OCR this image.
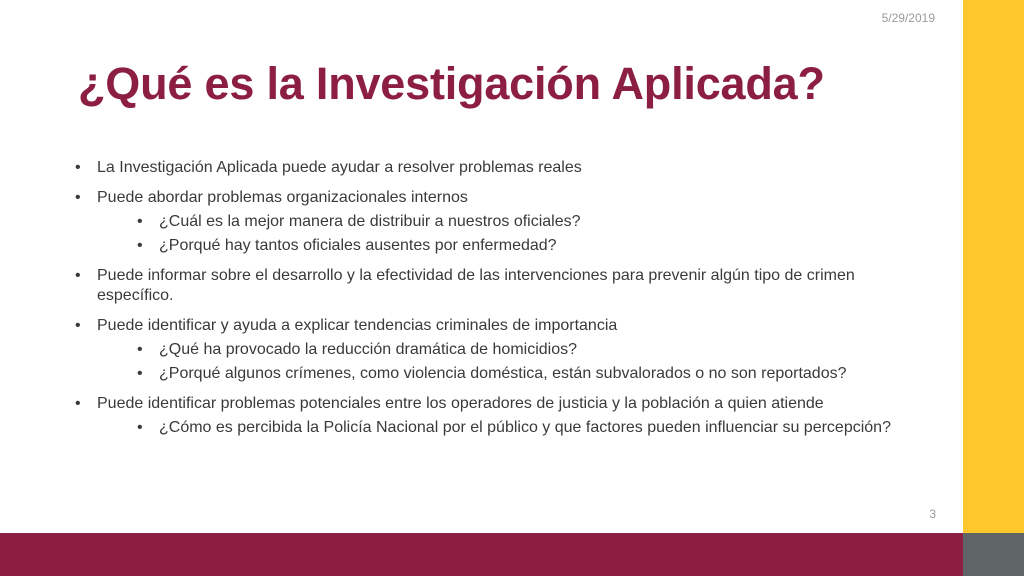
5/29/2019
¿Qué es la Investigación Aplicada?
• La Investigación Aplicada puede ayudar a resolver problemas reales
• Puede abordar problemas organizacionales internos
• ¿Cuál es la mejor manera de distribuir a nuestros oficiales?
• ¿Porqué hay tantos oficiales ausentes por enfermedad?
• Puede informar sobre el desarrollo y la efectividad de las intervenciones para prevenir algún tipo de crimen específico.
• Puede identificar y ayuda a explicar tendencias criminales de importancia
• ¿Qué ha provocado la reducción dramática de homicidios?
• ¿Porqué algunos crímenes, como violencia doméstica, están subvalorados o no son reportados?
• Puede identificar problemas potenciales entre los operadores de justicia y la población a quien atiende
• ¿Cómo es percibida la Policía Nacional por el público y que factores pueden influenciar su percepción?
3
